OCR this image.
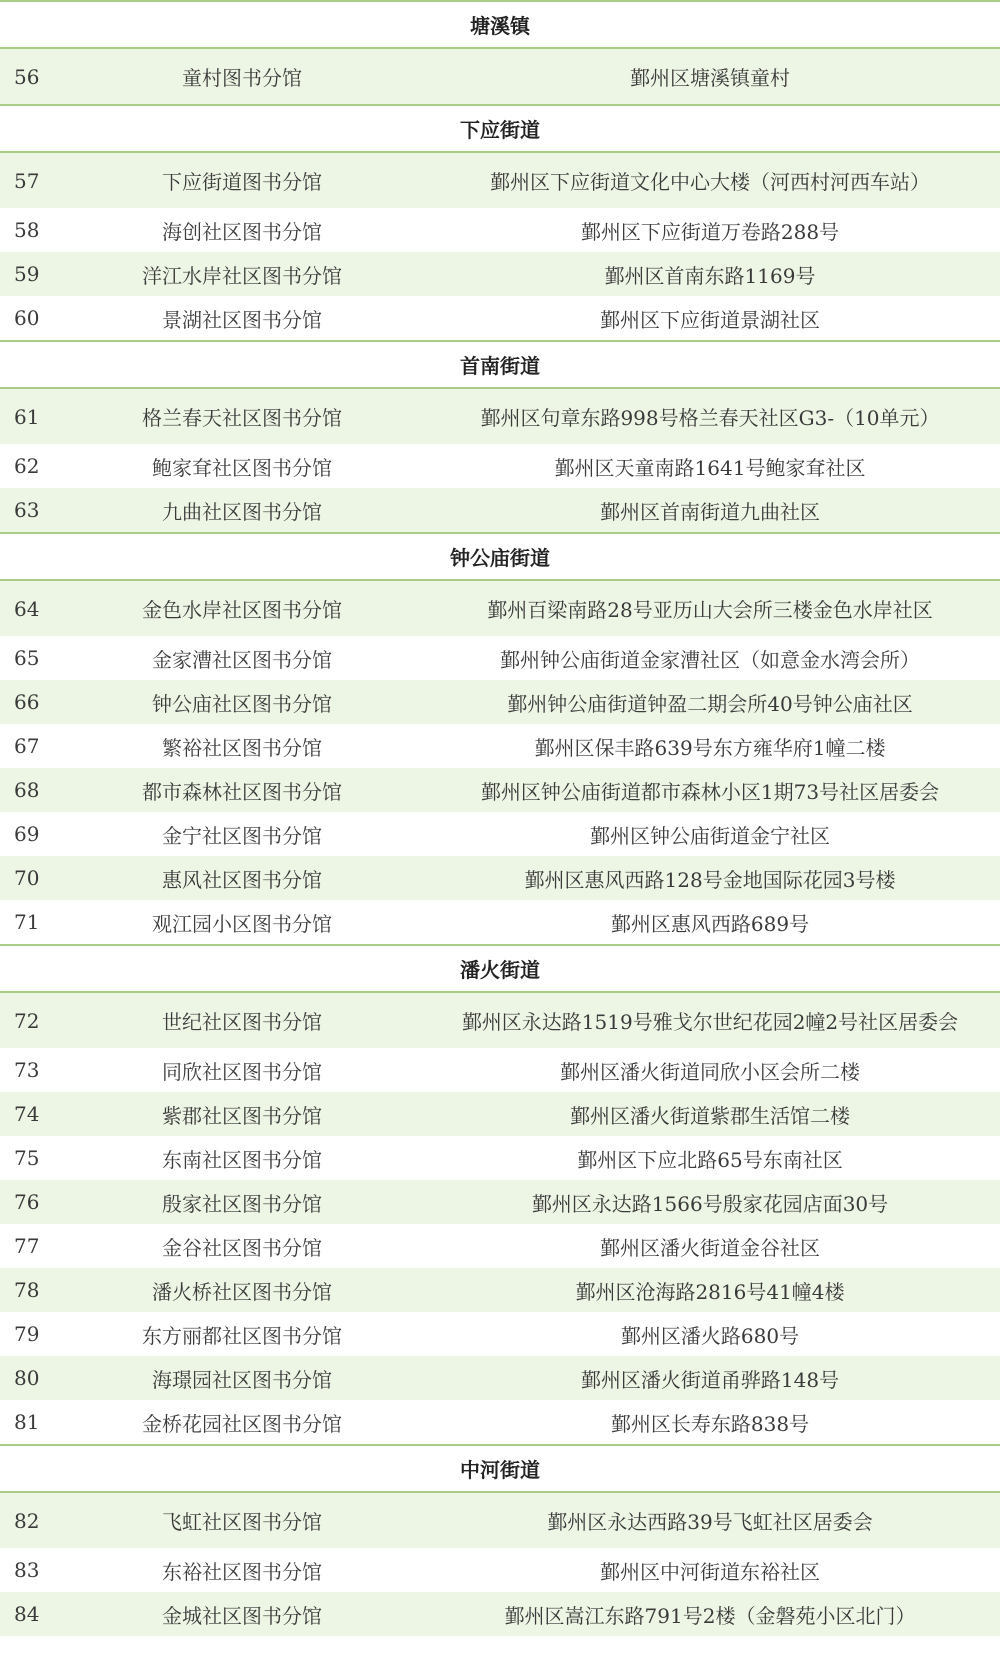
塘溪镇
56	童村图书分馆	鄞州区塘溪镇童村
下应街道
57	下应街道图书分馆	鄞州区下应街道文化中心大楼（河西村河西车站）
58	海创社区图书分馆	鄞州区下应街道万卷路288号
59	洋江水岸社区图书分馆	鄞州区首南东路1169号
60	景湖社区图书分馆	鄞州区下应街道景湖社区
首南街道
61	格兰春天社区图书分馆	鄞州区句章东路998号格兰春天社区G3-（10单元）
62	鲍家耷社区图书分馆	鄞州区天童南路1641号鲍家耷社区
63	九曲社区图书分馆	鄞州区首南街道九曲社区
钟公庙街道
64	金色水岸社区图书分馆	鄞州百梁南路28号亚历山大会所三楼金色水岸社区
65	金家漕社区图书分馆	鄞州钟公庙街道金家漕社区（如意金水湾会所）
66	钟公庙社区图书分馆	鄞州钟公庙街道钟盈二期会所40号钟公庙社区
67	繁裕社区图书分馆	鄞州区保丰路639号东方雍华府1幢二楼
68	都市森林社区图书分馆	鄞州区钟公庙街道都市森林小区1期73号社区居委会
69	金宁社区图书分馆	鄞州区钟公庙街道金宁社区
70	惠风社区图书分馆	鄞州区惠风西路128号金地国际花园3号楼
71	观江园小区图书分馆	鄞州区惠风西路689号
潘火街道
72	世纪社区图书分馆	鄞州区永达路1519号雅戈尔世纪花园2幢2号社区居委会
73	同欣社区图书分馆	鄞州区潘火街道同欣小区会所二楼
74	紫郡社区图书分馆	鄞州区潘火街道紫郡生活馆二楼
75	东南社区图书分馆	鄞州区下应北路65号东南社区
76	殷家社区图书分馆	鄞州区永达路1566号殷家花园店面30号
77	金谷社区图书分馆	鄞州区潘火街道金谷社区
78	潘火桥社区图书分馆	鄞州区沧海路2816号41幢4楼
79	东方丽都社区图书分馆	鄞州区潘火路680号
80	海璟园社区图书分馆	鄞州区潘火街道甬骅路148号
81	金桥花园社区图书分馆	鄞州区长寿东路838号
中河街道
82	飞虹社区图书分馆	鄞州区永达西路39号飞虹社区居委会
83	东裕社区图书分馆	鄞州区中河街道东裕社区
84	金城社区图书分馆	鄞州区嵩江东路791号2楼（金磐苑小区北门）
